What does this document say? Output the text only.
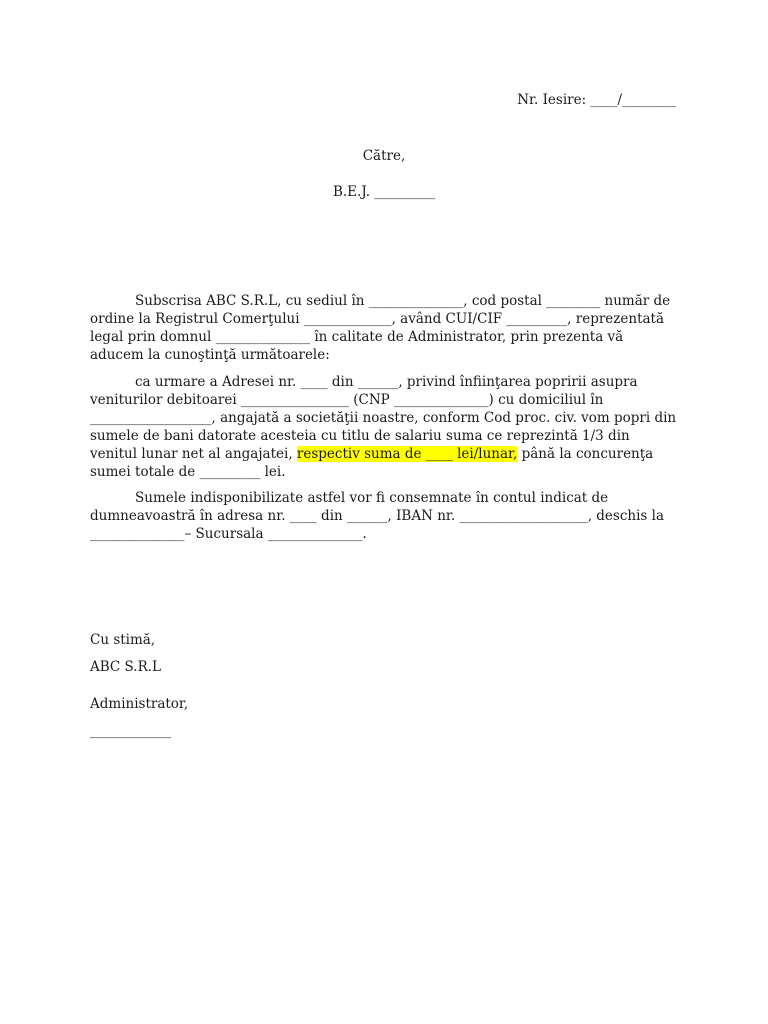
Nr. Iesire: ____/________
Către,
B.E.J. _________

Subscrisa ABC S.R.L, cu sediul în ______________, cod postal ________ număr de ordine la Registrul Comerţului _____________, având CUI/CIF _________, reprezentată legal prin domnul ______________ în calitate de Administrator, prin prezenta vă aducem la cunoştinţă următoarele:

ca urmare a Adresei nr. ____ din ______, privind înfiinţarea popririi asupra veniturilor debitoarei ________________ (CNP ______________) cu domiciliul în __________________, angajată a societăţii noastre, conform Cod proc. civ. vom popri din sumele de bani datorate acesteia cu titlu de salariu suma ce reprezintă 1/3 din venitul lunar net al angajatei, respectiv suma de ____ lei/lunar, până la concurenţa sumei totale de _________ lei.

Sumele indisponibilizate astfel vor fi consemnate în contul indicat de dumneavoastră în adresa nr. ____ din ______, IBAN nr. ___________________, deschis la ______________– Sucursala ______________.

Cu stimă,
ABC S.R.L
Administrator,
____________
